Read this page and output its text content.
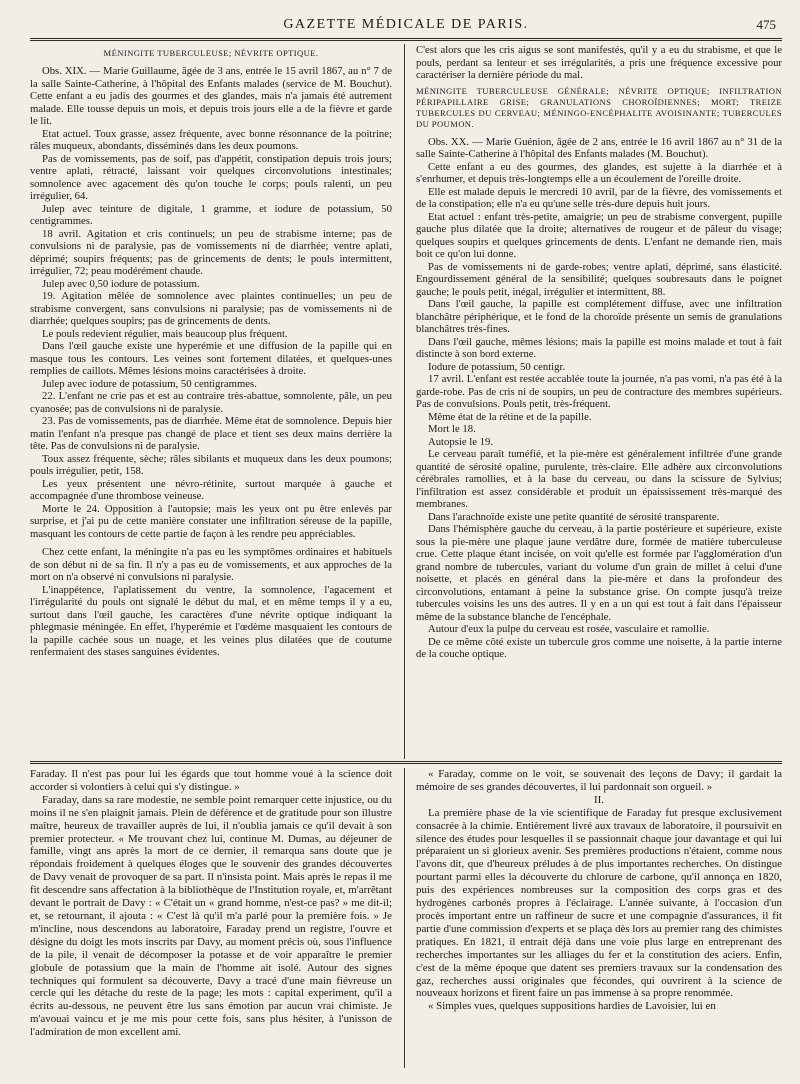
GAZETTE MÉDICALE DE PARIS.	475

MÉNINGITE TUBERCULEUSE; NÉVRITE OPTIQUE.

Obs. XIX. — Marie Guillaume, âgée de 3 ans, entrée le 15 avril 1867, au n° 7 de la salle Sainte-Catherine, à l'hôpital des Enfants malades (service de M. Bouchut). Cette enfant a eu jadis des gourmes et des glandes, mais n'a jamais été autrement malade. Elle tousse depuis un mois, et depuis trois jours elle a de la fièvre et garde le lit.

Etat actuel. Toux grasse, assez fréquente, avec bonne résonnance de la poitrine; râles muqueux, abondants, disséminés dans les deux poumons.

Pas de vomissements, pas de soif, pas d'appétit, constipation depuis trois jours; ventre aplati, rétracté, laissant voir quelques circonvolutions intestinales; somnolence avec agacement dès qu'on touche le corps; pouls ralenti, un peu irrégulier, 64.

Julep avec teinture de digitale, 1 gramme, et iodure de potassium, 50 centigrammes.

18 avril. Agitation et cris continuels; un peu de strabisme interne; pas de convulsions ni de paralysie, pas de vomissements ni de diarrhée; ventre aplati, déprimé; soupirs fréquents; pas de grincements de dents; le pouls intermittent, irrégulier, 72; peau modérément chaude.

Julep avec 0,50 iodure de potassium.

19. Agitation mêlée de somnolence avec plaintes continuelles; un peu de strabisme convergent, sans convulsions ni paralysie; pas de vomissements ni de diarrhée; quelques soupirs; pas de grincements de dents.

Le pouls redevient régulier, mais beaucoup plus fréquent.

Dans l'œil gauche existe une hyperémie et une diffusion de la papille qui en masque tous les contours. Les veines sont fortement dilatées, et quelques-unes remplies de caillots. Mêmes lésions moins caractérisées à droite.

Julep avec iodure de potassium, 50 centigrammes.

22. L'enfant ne crie pas et est au contraire très-abattue, somnolente, pâle, un peu cyanosée; pas de convulsions ni de paralysie.

23. Pas de vomissements, pas de diarrhée. Même état de somnolence. Depuis hier matin l'enfant n'a presque pas changé de place et tient ses deux mains derrière la tête. Pas de convulsions ni de paralysie.

Toux assez fréquente, sèche; râles sibilants et muqueux dans les deux poumons; pouls irrégulier, petit, 158.

Les yeux présentent une névro-rétinite, surtout marquée à gauche et accompagnée d'une thrombose veineuse.

Morte le 24. Opposition à l'autopsie; mais les yeux ont pu être enlevés par surprise, et j'ai pu de cette manière constater une infiltration séreuse de la papille, masquant les contours de cette partie de façon à les rendre peu appréciables.

Chez cette enfant, la méningite n'a pas eu les symptômes ordinaires et habituels de son début ni de sa fin. Il n'y a pas eu de vomissements, et aux approches de la mort on n'a observé ni convulsions ni paralysie.

L'inappétence, l'aplatissement du ventre, la somnolence, l'agacement et l'irrégularité du pouls ont signalé le début du mal, et en même temps il y a eu, surtout dans l'œil gauche, les caractères d'une névrite optique indiquant la phlegmasie méningée. En effet, l'hyperémie et l'œdème masquaient les contours de la papille cachée sous un nuage, et les veines plus dilatées que de coutume renfermaient des stases sanguines évidentes.

C'est alors que les cris aigus se sont manifestés, qu'il y a eu du strabisme, et que le pouls, perdant sa lenteur et ses irrégularités, a pris une fréquence excessive pour caractériser la dernière période du mal.

MÉNINGITE TUBERCULEUSE GÉNÉRALE; NÉVRITE OPTIQUE; INFILTRATION PÉRIPAPILLAIRE GRISE; GRANULATIONS CHOROÏDIENNES; MORT; TREIZE TUBERCULES DU CERVEAU; MÉNINGO-ENCÉPHALITE AVOISINANTE; TUBERCULES DU POUMON.

Obs. XX. — Marie Guénion, âgée de 2 ans, entrée le 16 avril 1867 au n° 31 de la salle Sainte-Catherine à l'hôpital des Enfants malades (M. Bouchut).

Cette enfant a eu des gourmes, des glandes, est sujette à la diarrhée et à s'enrhumer, et depuis très-longtemps elle a un écoulement de l'oreille droite.

Elle est malade depuis le mercredi 10 avril, par de la fièvre, des vomissements et de la constipation; elle n'a eu qu'une selle très-dure depuis huit jours.

Etat actuel : enfant très-petite, amaigrie; un peu de strabisme convergent, pupille gauche plus dilatée que la droite; alternatives de rougeur et de pâleur du visage; quelques soupirs et quelques grincements de dents. L'enfant ne demande rien, mais boit ce qu'on lui donne.

Pas de vomissements ni de garde-robes; ventre aplati, déprimé, sans élasticité. Engourdissement général de la sensibilité; quelques soubresauts dans le poignet gauche; le pouls petit, inégal, irrégulier et intermittent, 88.

Dans l'œil gauche, la papille est complétement diffuse, avec une infiltration blanchâtre périphérique, et le fond de la choroïde présente un semis de granulations blanchâtres très-fines.

Dans l'œil gauche, mêmes lésions; mais la papille est moins malade et tout à fait distincte à son bord externe.

Iodure de potassium, 50 centigr.

17 avril. L'enfant est restée accablée toute la journée, n'a pas vomi, n'a pas été à la garde-robe. Pas de cris ni de soupirs, un peu de contracture des membres supérieurs. Pas de convulsions. Pouls petit, très-fréquent.

Même état de la rétine et de la papille.

Mort le 18.

Autopsie le 19.

Le cerveau paraît tuméfié, et la pie-mère est généralement infiltrée d'une grande quantité de sérosité opaline, purulente, très-claire. Elle adhère aux circonvolutions cérébrales ramollies, et à la base du cerveau, ou dans la scissure de Sylvius; l'infiltration est assez considérable et produit un épaississement très-marqué des membranes.

Dans l'arachnoïde existe une petite quantité de sérosité transparente.

Dans l'hémisphère gauche du cerveau, à la partie postérieure et supérieure, existe sous la pie-mère une plaque jaune verdâtre dure, formée de matière tuberculeuse crue. Cette plaque étant incisée, on voit qu'elle est formée par l'agglomération d'un grand nombre de tubercules, variant du volume d'un grain de millet à celui d'une noisette, et placés en général dans la pie-mère et dans la profondeur des circonvolutions, entamant à peine la substance grise. On compte jusqu'à treize tubercules voisins les uns des autres. Il y en a un qui est tout à fait dans l'épaisseur même de la substance blanche de l'encéphale.

Autour d'eux la pulpe du cerveau est rosée, vasculaire et ramollie.

De ce même côté existe un tubercule gros comme une noisette, à la partie interne de la couche optique.

Faraday. Il n'est pas pour lui les égards que tout homme voué à la science doit accorder si volontiers à celui qui s'y distingue. »

Faraday, dans sa rare modestie, ne semble point remarquer cette injustice, ou du moins il ne s'en plaignit jamais. Plein de déférence et de gratitude pour son illustre maître, heureux de travailler auprès de lui, il n'oublia jamais ce qu'il devait à son premier protecteur. « Me trouvant chez lui, continue M. Dumas, au déjeuner de famille, vingt ans après la mort de ce dernier, il remarqua sans doute que je répondais froidement à quelques éloges que le souvenir des grandes découvertes de Davy venait de provoquer de sa part. Il n'insista point. Mais après le repas il me fit descendre sans affectation à la bibliothèque de l'Institution royale, et, m'arrêtant devant le portrait de Davy : « C'était un « grand homme, n'est-ce pas? » me dit-il; et, se retournant, il ajouta : « C'est là qu'il m'a parlé pour la première fois. » Je m'incline, nous descendons au laboratoire, Faraday prend un registre, l'ouvre et désigne du doigt les mots inscrits par Davy, au moment précis où, sous l'influence de la pile, il venait de décomposer la potasse et de voir apparaître le premier globule de potassium que la main de l'homme ait isolé. Autour des signes techniques qui formulent sa découverte, Davy a tracé d'une main fiévreuse un cercle qui les détache du reste de la page; les mots : capital experiment, qu'il a écrits au-dessous, ne peuvent être lus sans émotion par aucun vrai chimiste. Je m'avouai vaincu et je me mis pour cette fois, sans plus hésiter, à l'unisson de l'admiration de mon excellent ami.

« Faraday, comme on le voit, se souvenait des leçons de Davy; il gardait la mémoire de ses grandes découvertes, il lui pardonnait son orgueil. »

II.

La première phase de la vie scientifique de Faraday fut presque exclusivement consacrée à la chimie. Entièrement livré aux travaux de laboratoire, il poursuivit en silence des études pour lesquelles il se passionnait chaque jour davantage et qui lui préparaient un si glorieux avenir. Ses premières productions n'étaient, comme nous l'avons dit, que d'heureux préludes à de plus importantes recherches. On distingue pourtant parmi elles la découverte du chlorure de carbone, qu'il annonça en 1820, puis des expériences nombreuses sur la composition des corps gras et des hydrogènes carbonés propres à l'éclairage. L'année suivante, à l'occasion d'un procès important entre un raffineur de sucre et une compagnie d'assurances, il fit partie d'une commission d'experts et se plaça dès lors au premier rang des chimistes pratiques. En 1821, il entrait déjà dans une voie plus large en entreprenant des recherches importantes sur les alliages du fer et la constitution des aciers. Enfin, c'est de la même époque que datent ses premiers travaux sur la condensation des gaz, recherches aussi originales que fécondes, qui ouvrirent à la science de nouveaux horizons et firent faire un pas immense à sa propre renommée.

« Simples vues, quelques suppositions hardies de Lavoisier, lui en
